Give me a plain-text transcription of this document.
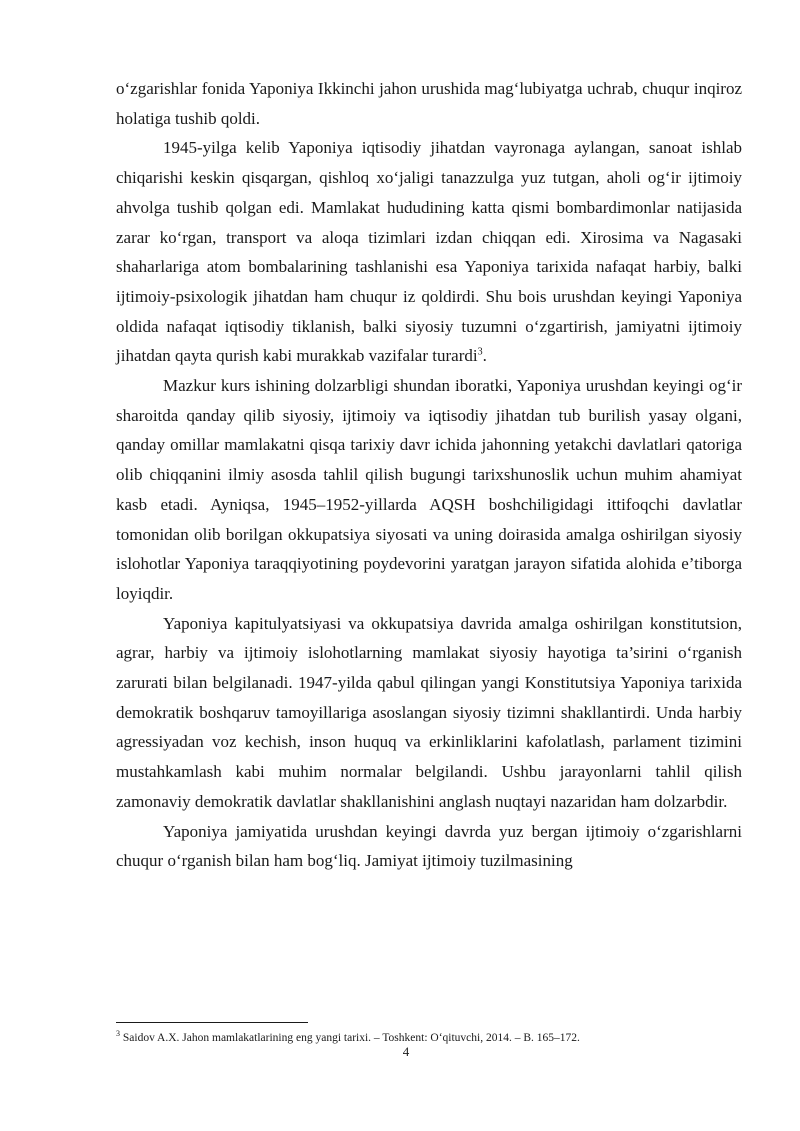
o‘zgarishlar fonida Yaponiya Ikkinchi jahon urushida mag‘lubiyatga uchrab, chuqur inqiroz holatiga tushib qoldi.

1945-yilga kelib Yaponiya iqtisodiy jihatdan vayronaga aylangan, sanoat ishlab chiqarishi keskin qisqargan, qishloq xo‘jaligi tanazzulga yuz tutgan, aholi og‘ir ijtimoiy ahvolga tushib qolgan edi. Mamlakat hududining katta qismi bombardimonlar natijasida zarar ko‘rgan, transport va aloqa tizimlari izdan chiqqan edi. Xirosima va Nagasaki shaharlariga atom bombalarining tashlanishi esa Yaponiya tarixida nafaqat harbiy, balki ijtimoiy-psixologik jihatdan ham chuqur iz qoldirdi. Shu bois urushdan keyingi Yaponiya oldida nafaqat iqtisodiy tiklanish, balki siyosiy tuzumni o‘zgartirish, jamiyatni ijtimoiy jihatdan qayta qurish kabi murakkab vazifalar turardi$^3$.

Mazkur kurs ishining dolzarbligi shundan iboratki, Yaponiya urushdan keyingi og‘ir sharoitda qanday qilib siyosiy, ijtimoiy va iqtisodiy jihatdan tub burilish yasay olgani, qanday omillar mamlakatni qisqa tarixiy davr ichida jahonning yetakchi davlatlari qatoriga olib chiqqanini ilmiy asosda tahlil qilish bugungi tarixshunoslik uchun muhim ahamiyat kasb etadi. Ayniqsa, 1945–1952-yillarda AQSH boshchiligidagi ittifoqchi davlatlar tomonidan olib borilgan okkupatsiya siyosati va uning doirasida amalga oshirilgan siyosiy islohotlar Yaponiya taraqqiyotining poydevorini yaratgan jarayon sifatida alohida e’tiborga loyiqdir.

Yaponiya kapitulyatsiyasi va okkupatsiya davrida amalga oshirilgan konstitutsion, agrar, harbiy va ijtimoiy islohotlarning mamlakat siyosiy hayotiga ta’sirini o‘rganish zarurati bilan belgilanadi. 1947-yilda qabul qilingan yangi Konstitutsiya Yaponiya tarixida demokratik boshqaruv tamoyillariga asoslangan siyosiy tizimni shakllantirdi. Unda harbiy agressiyadan voz kechish, inson huquq va erkinliklarini kafolatlash, parlament tizimini mustahkamlash kabi muhim normalar belgilandi. Ushbu jarayonlarni tahlil qilish zamonaviy demokratik davlatlar shakllanishini anglash nuqtayi nazaridan ham dolzarbdir.

Yaponiya jamiyatida urushdan keyingi davrda yuz bergan ijtimoiy o‘zgarishlarni chuqur o‘rganish bilan ham bog‘liq. Jamiyat ijtimoiy tuzilmasining

$^3$ Saidov A.X. Jahon mamlakatlarining eng yangi tarixi. – Toshkent: O‘qituvchi, 2014. – B. 165–172.
4
